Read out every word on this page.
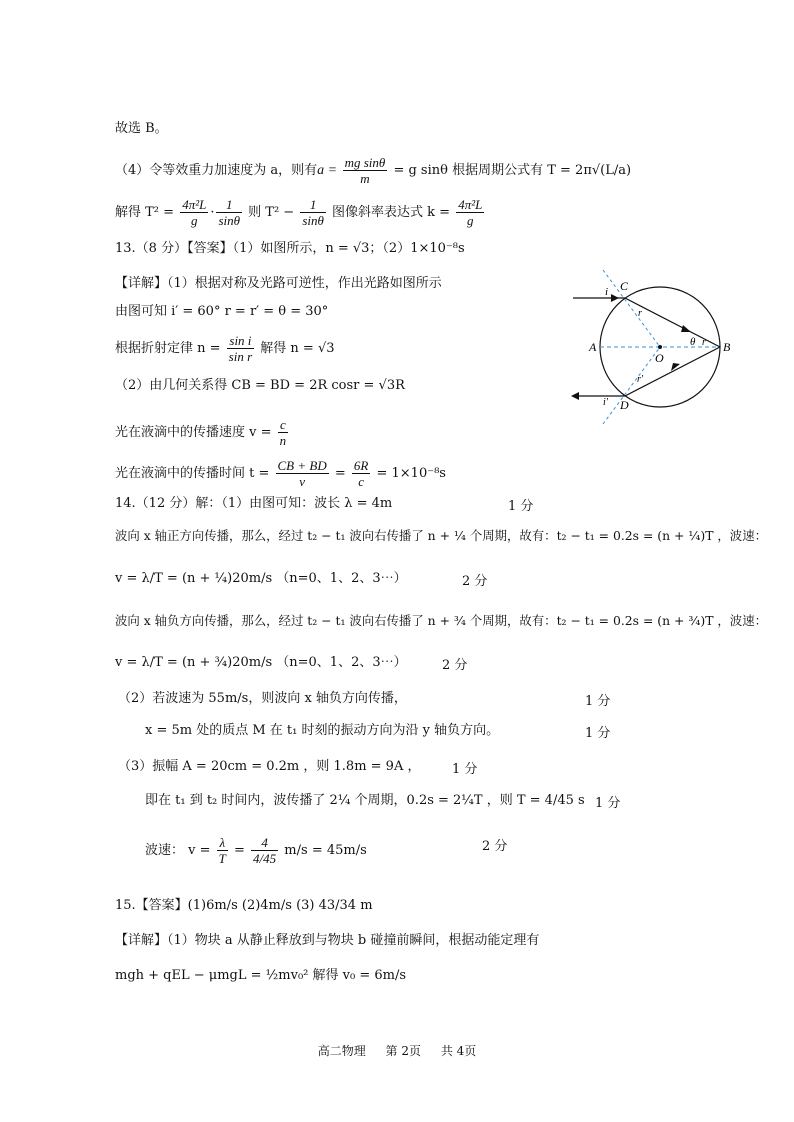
故选 B。
（4）令等效重力加速度为 a，则有$a = \frac{\text{mg sinθ}}{m} = g$ sinθ 根据周期公式有 T = 2π√(L/a)
解得 $T^2 = \frac{\text{4π²L}}{g} \cdot \frac{1}{\sin\theta}$ 则 $T^2 - \frac{1}{\sin\theta}$ 图像斜率表达式 $k = \frac{\text{4π²L}}{g}$
13.（8 分）【答案】（1）如图所示，n = √3；（2）1×10⁻⁸s
【详解】（1）根据对称及光路可逆性，作出光路如图所示
由图可知 i′ = 60° r = r′ = θ = 30°
根据折射定律 $n = \frac{\text{sin i}}{\text{sin r}}$ 解得 n = √3
（2）由几何关系得 CB = BD = 2R cosr = √3R
光在液滴中的传播速度 $v = \frac{c}{n}$
光在液滴中的传播时间 $t = \frac{CB + BD}{v} = \frac{6R}{c} = 1\times 10^{-8}s$
i C
r
A
O
θ r B
r′
i′ D
14.（12 分）解：（1）由图可知：波长 λ = 4m	1 分
波向 x 轴正方向传播，那么，经过 t₂ − t₁ 波向右传播了 n + ¼ 个周期，故有：t₂ − t₁ = 0.2s = (n + ¼)T ，波速：
v = λ/T = (n + ¼)20m/s （n=0、1、2、3⋯）	2 分
波向 x 轴负方向传播，那么，经过 t₂ − t₁ 波向右传播了 n + ¾ 个周期，故有：t₂ − t₁ = 0.2s = (n + ¾)T ，波速：
v = λ/T = (n + ¾)20m/s （n=0、1、2、3⋯）	2 分
（2）若波速为 55m/s，则波向 x 轴负方向传播，	1 分
x = 5m 处的质点 M 在 t₁ 时刻的振动方向为沿 y 轴负方向。	1 分
（3）振幅 A = 20cm = 0.2m ，则 1.8m = 9A ， 1 分
即在 t₁ 到 t₂ 时间内，波传播了 2¼ 个周期，0.2s = 2¼T ，则 T = 4/45 s 1 分
波速： $v = \frac{\lambda}{T} = \frac{4}{4/45} m/s = 45m/s$	2 分
15.【答案】(1)6m/s (2)4m/s (3) 43/34 m
【详解】（1）物块 a 从静止释放到与物块 b 碰撞前瞬间，根据动能定理有
mgh + qEL − μmgL = ½mv₀² 解得 v₀ = 6m/s
高二物理 第 2页 共 4页
